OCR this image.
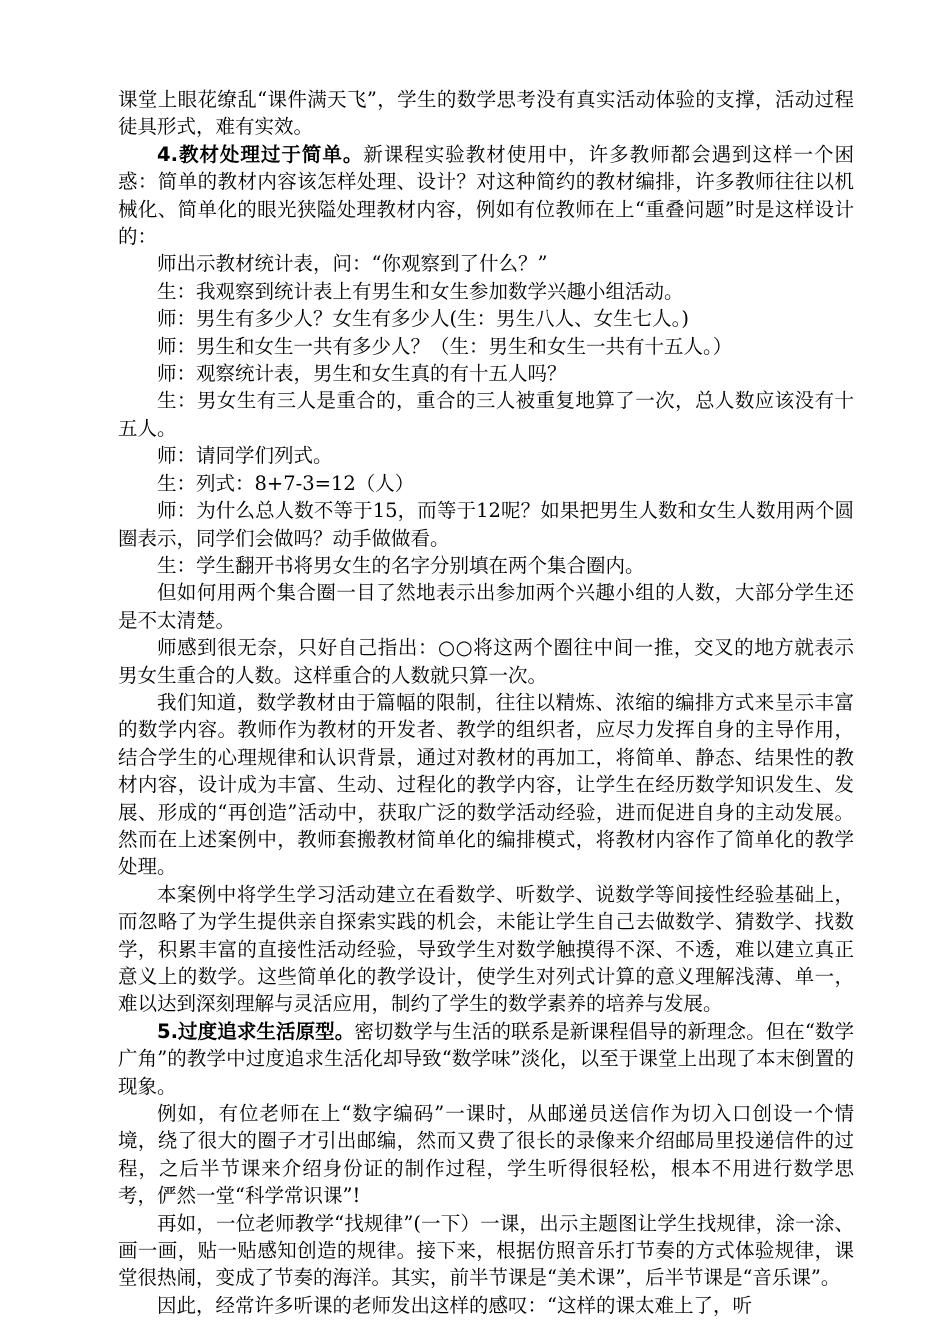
课堂上眼花缭乱“课件满天飞”，学生的数学思考没有真实活动体验的支撑，活动过程徒具形式，难有实效。

4.教材处理过于简单。新课程实验教材使用中，许多教师都会遇到这样一个困惑：简单的教材内容该怎样处理、设计？对这种简约的教材编排，许多教师往往以机械化、简单化的眼光狭隘处理教材内容，例如有位教师在上“重叠问题”时是这样设计的：

师出示教材统计表，问：“你观察到了什么？”

生：我观察到统计表上有男生和女生参加数学兴趣小组活动。

师：男生有多少人？女生有多少人(生：男生八人、女生七人。)

师：男生和女生一共有多少人？（生：男生和女生一共有十五人。）

师：观察统计表，男生和女生真的有十五人吗？

生：男女生有三人是重合的，重合的三人被重复地算了一次，总人数应该没有十五人。

师：请同学们列式。

生：列式：8+7-3=12（人）

师：为什么总人数不等于15，而等于12呢？如果把男生人数和女生人数用两个圆圈表示，同学们会做吗？动手做做看。

生：学生翻开书将男女生的名字分别填在两个集合圈内。

但如何用两个集合圈一目了然地表示出参加两个兴趣小组的人数，大部分学生还是不太清楚。

师感到很无奈，只好自己指出：○○将这两个圈往中间一推，交叉的地方就表示男女生重合的人数。这样重合的人数就只算一次。

我们知道，数学教材由于篇幅的限制，往往以精炼、浓缩的编排方式来呈示丰富的数学内容。教师作为教材的开发者、教学的组织者，应尽力发挥自身的主导作用，结合学生的心理规律和认识背景，通过对教材的再加工，将简单、静态、结果性的教材内容，设计成为丰富、生动、过程化的教学内容，让学生在经历数学知识发生、发展、形成的“再创造”活动中，获取广泛的数学活动经验，进而促进自身的主动发展。然而在上述案例中，教师套搬教材简单化的编排模式，将教材内容作了简单化的教学处理。

本案例中将学生学习活动建立在看数学、听数学、说数学等间接性经验基础上，而忽略了为学生提供亲自探索实践的机会，未能让学生自己去做数学、猜数学、找数学，积累丰富的直接性活动经验，导致学生对数学触摸得不深、不透，难以建立真正意义上的数学。这些简单化的教学设计，使学生对列式计算的意义理解浅薄、单一，难以达到深刻理解与灵活应用，制约了学生的数学素养的培养与发展。

5.过度追求生活原型。密切数学与生活的联系是新课程倡导的新理念。但在“数学广角”的教学中过度追求生活化却导致“数学味”淡化，以至于课堂上出现了本末倒置的现象。

例如，有位老师在上“数字编码”一课时，从邮递员送信作为切入口创设一个情境，绕了很大的圈子才引出邮编，然而又费了很长的录像来介绍邮局里投递信件的过程，之后半节课来介绍身份证的制作过程，学生听得很轻松，根本不用进行数学思考，俨然一堂“科学常识课”!

再如，一位老师教学“找规律”(一下）一课，出示主题图让学生找规律，涂一涂、画一画，贴一贴感知创造的规律。接下来，根据仿照音乐打节奏的方式体验规律，课堂很热闹，变成了节奏的海洋。其实，前半节课是“美术课”，后半节课是“音乐课”。

因此，经常许多听课的老师发出这样的感叹：“这样的课太难上了，听
